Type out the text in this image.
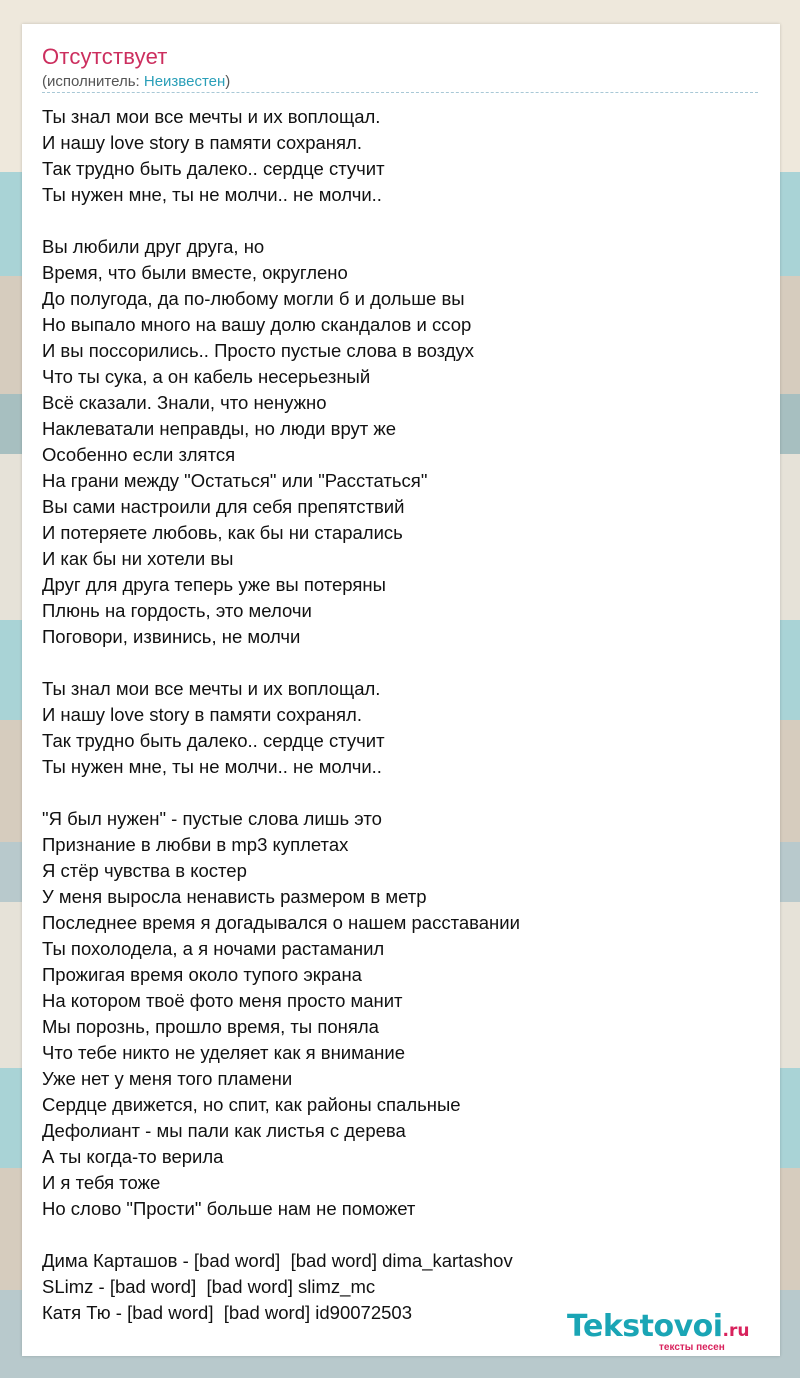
Отсутствует
(исполнитель: Неизвестен)
Ты знал мои все мечты и их воплощал.
И нашу love story в памяти сохранял.
Так трудно быть далеко.. сердце стучит
Ты нужен мне, ты не молчи.. не молчи..
Вы любили друг друга, но
Время, что были вместе, округлено
До полугода, да по-любому могли б и дольше вы
Но выпало много на вашу долю скандалов и ссор
И вы поссорились.. Просто пустые слова в воздух
Что ты сука, а он кабель несерьезный
Всё сказали. Знали, что ненужно
Наклеватали неправды, но люди врут же
Особенно если злятся
На грани между "Остаться" или "Расстаться"
Вы сами настроили для себя препятствий
И потеряете любовь, как бы ни старались
И как бы ни хотели вы
Друг для друга теперь уже вы потеряны
Плюнь на гордость, это мелочи
Поговори, извинись, не молчи
Ты знал мои все мечты и их воплощал.
И нашу love story в памяти сохранял.
Так трудно быть далеко.. сердце стучит
Ты нужен мне, ты не молчи.. не молчи..
"Я был нужен" - пустые слова лишь это
Признание в любви в mp3 куплетах
Я стёр чувства в костер
У меня выросла ненависть размером в метр
Последнее время я догадывался о нашем расставании
Ты похолодела, а я ночами растаманил
Прожигая время около тупого экрана
На котором твоё фото меня просто манит
Мы порознь, прошло время, ты поняла
Что тебе никто не уделяет как я внимание
Уже нет у меня того пламени
Сердце движется, но спит, как районы спальные
Дефолиант - мы пали как листья с дерева
А ты когда-то верила
И я тебя тоже
Но слово "Прости" больше нам не поможет
Дима Карташов - [bad word]  [bad word] dima_kartashov
SLimz - [bad word]  [bad word] slimz_mc
Катя Тю - [bad word]  [bad word] id90072503	Tekstovoi.ru
тексты песен
